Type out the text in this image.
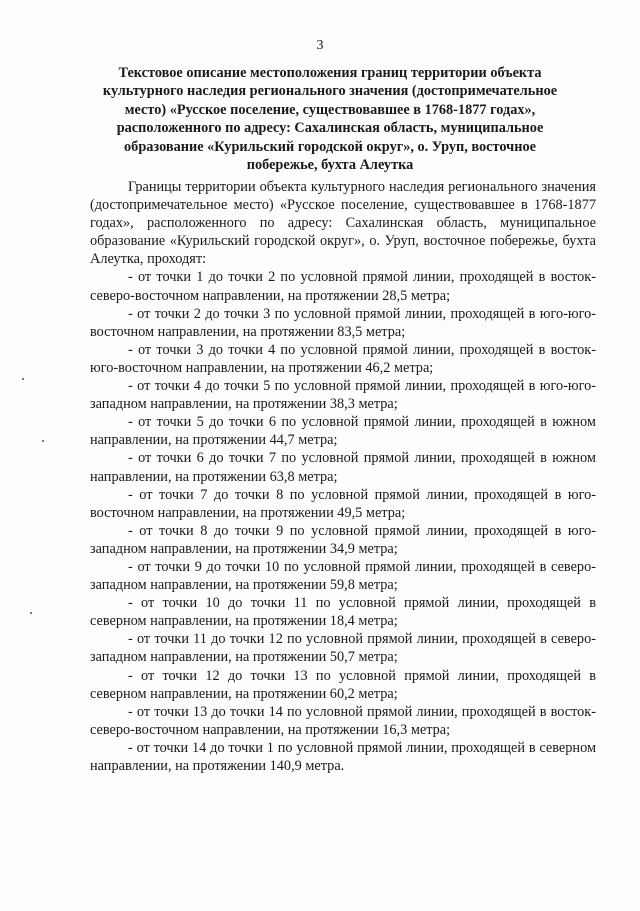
3
Текстовое описание местоположения границ территории объекта культурного наследия регионального значения (достопримечательное место) «Русское поселение, существовавшее в 1768-1877 годах», расположенного по адресу: Сахалинская область, муниципальное образование «Курильский городской округ», о. Уруп, восточное побережье, бухта Алеутка

Границы территории объекта культурного наследия регионального значения (достопримечательное место) «Русское поселение, существовавшее в 1768-1877 годах», расположенного по адресу: Сахалинская область, муниципальное образование «Курильский городской округ», о. Уруп, восточное побережье, бухта Алеутка, проходят:

- от точки 1 до точки 2 по условной прямой линии, проходящей в восток-северо-восточном направлении, на протяжении 28,5 метра;

- от точки 2 до точки 3 по условной прямой линии, проходящей в юго-юго-восточном направлении, на протяжении 83,5 метра;

- от точки 3 до точки 4 по условной прямой линии, проходящей в восток-юго-восточном направлении, на протяжении 46,2 метра;

- от точки 4 до точки 5 по условной прямой линии, проходящей в юго-юго-западном направлении, на протяжении 38,3 метра;

- от точки 5 до точки 6 по условной прямой линии, проходящей в южном направлении, на протяжении 44,7 метра;

- от точки 6 до точки 7 по условной прямой линии, проходящей в южном направлении, на протяжении 63,8 метра;

- от точки 7 до точки 8 по условной прямой линии, проходящей в юго-восточном направлении, на протяжении 49,5 метра;

- от точки 8 до точки 9 по условной прямой линии, проходящей в юго-западном направлении, на протяжении 34,9 метра;

- от точки 9 до точки 10 по условной прямой линии, проходящей в северо-западном направлении, на протяжении 59,8 метра;

- от точки 10 до точки 11 по условной прямой линии, проходящей в северном направлении, на протяжении 18,4 метра;

- от точки 11 до точки 12 по условной прямой линии, проходящей в северо-западном направлении, на протяжении 50,7 метра;

- от точки 12 до точки 13 по условной прямой линии, проходящей в северном направлении, на протяжении 60,2 метра;

- от точки 13 до точки 14 по условной прямой линии, проходящей в восток-северо-восточном направлении, на протяжении 16,3 метра;

- от точки 14 до точки 1 по условной прямой линии, проходящей в северном направлении, на протяжении 140,9 метра.
